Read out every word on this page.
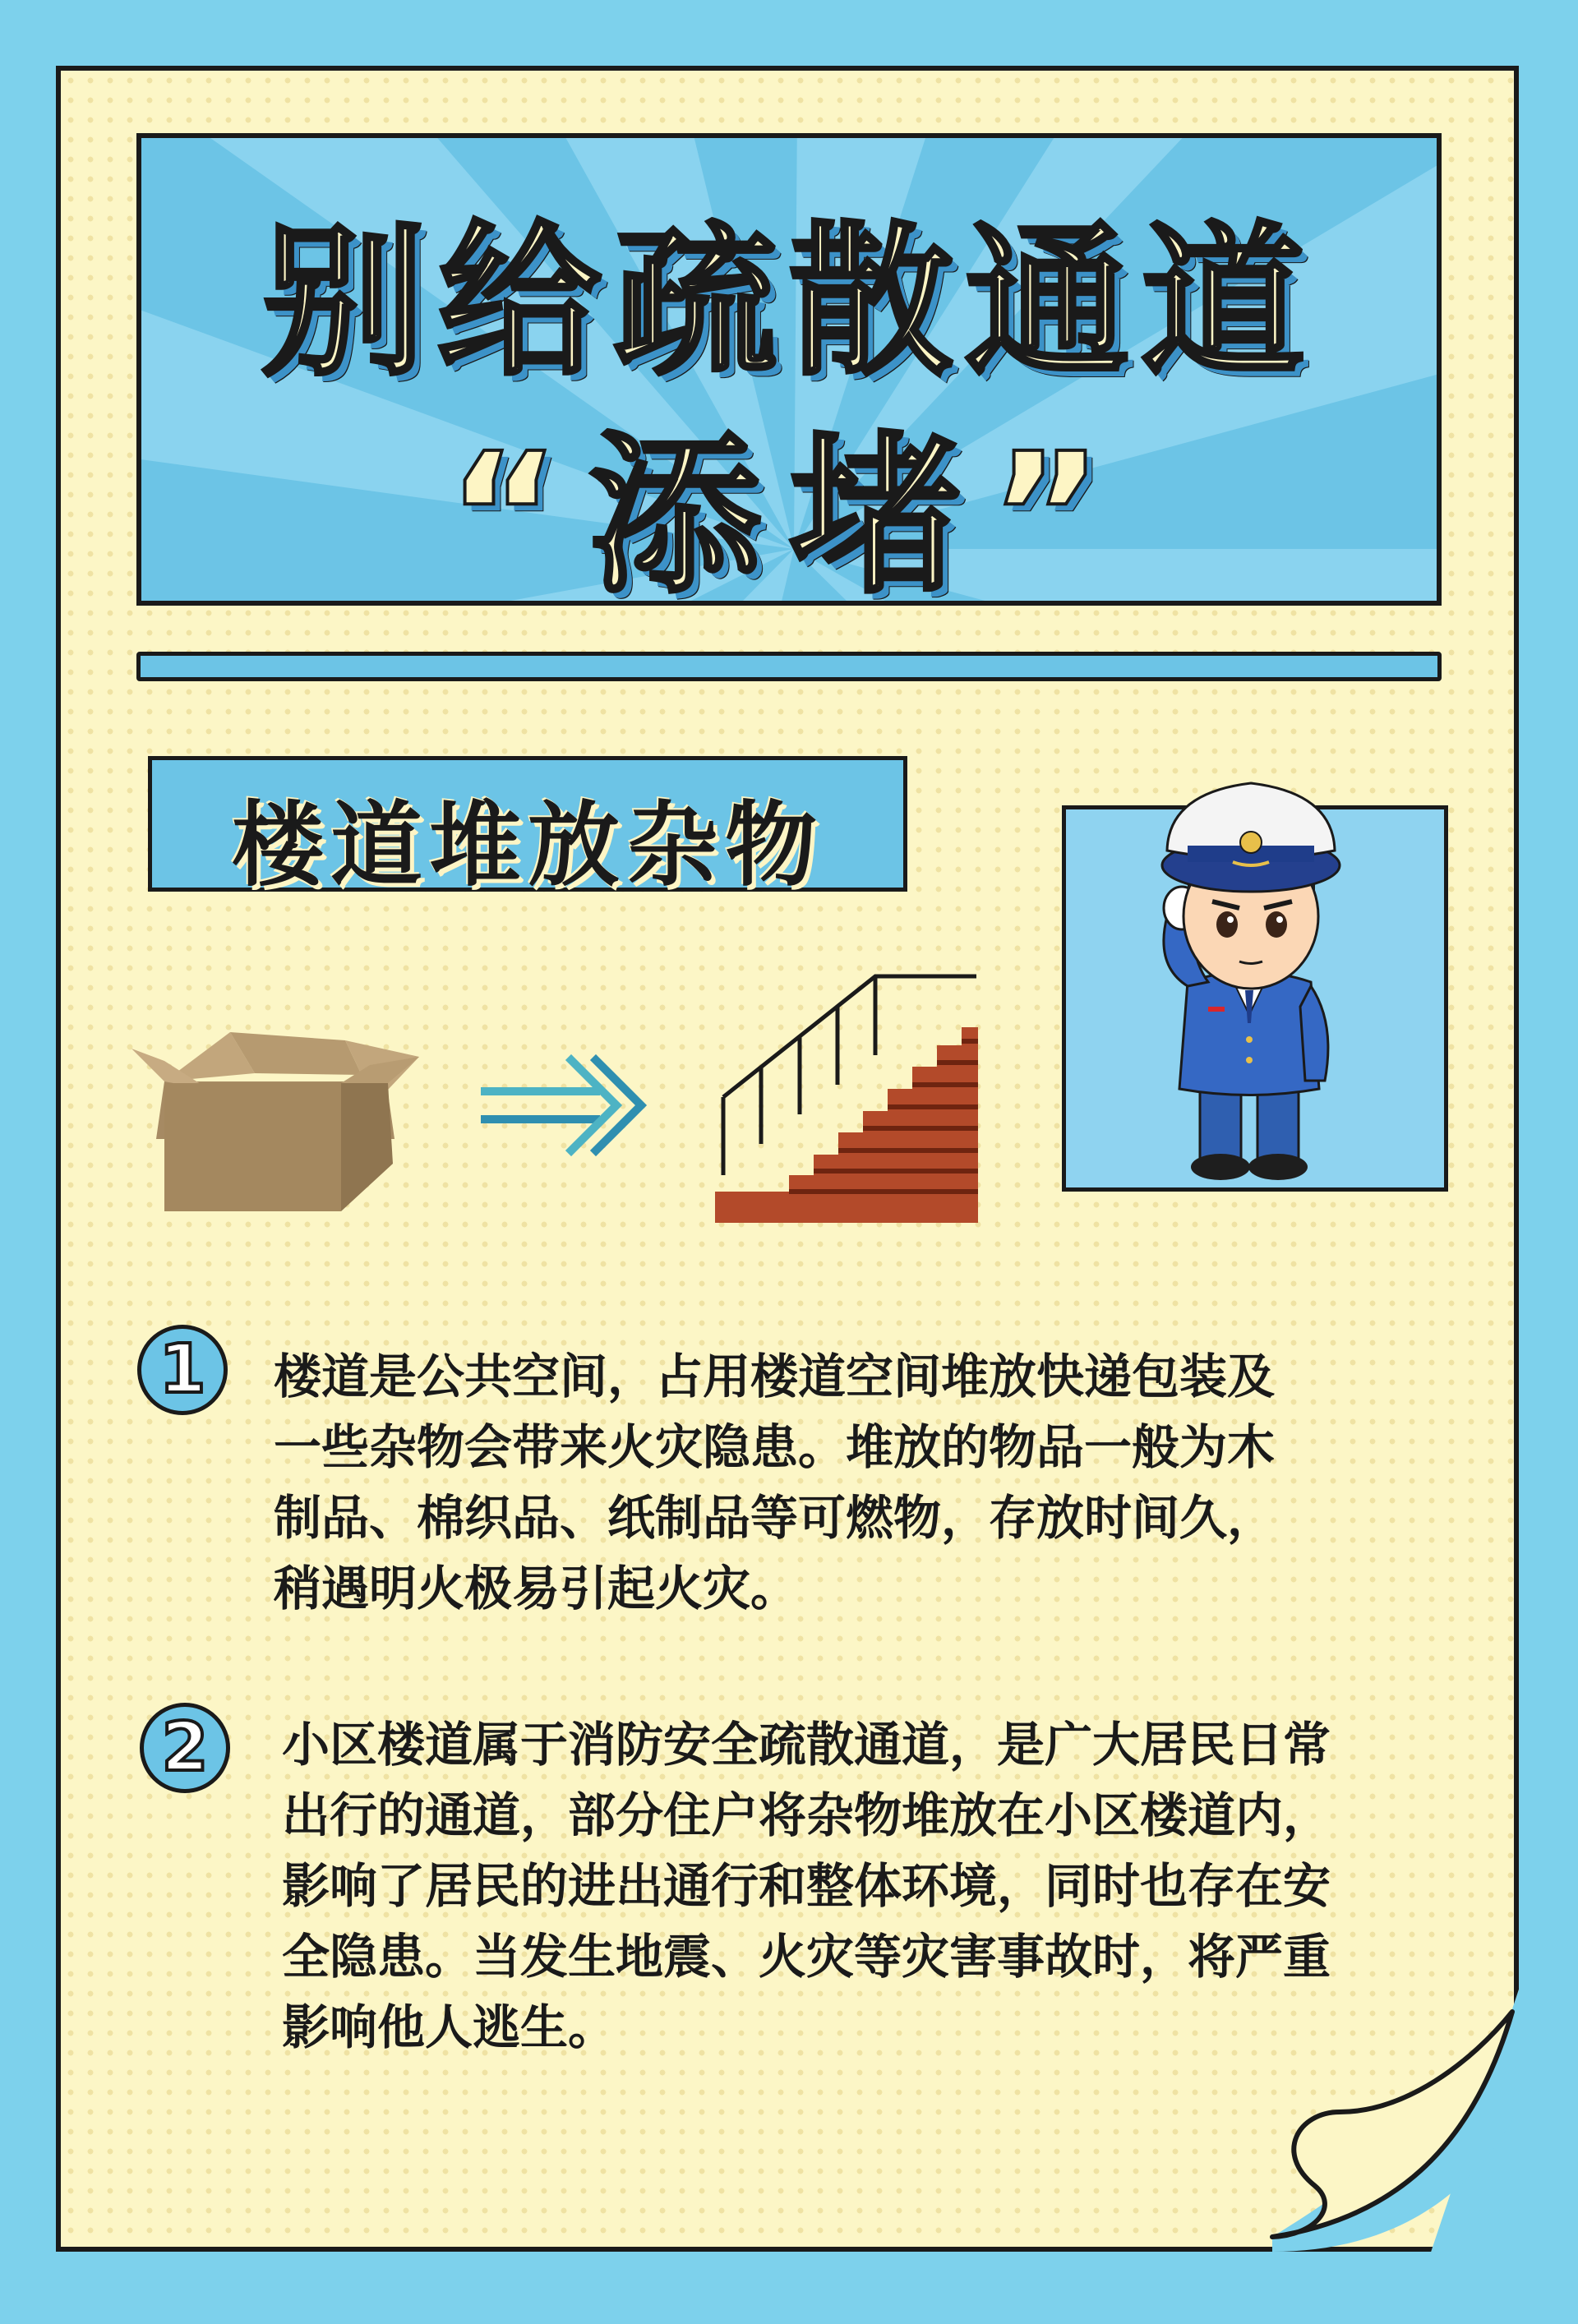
别给疏散通道
“添堵”
楼道堆放杂物
1	楼道是公共空间，占用楼道空间堆放快递包装及
一些杂物会带来火灾隐患。堆放的物品一般为木
制品、棉织品、纸制品等可燃物，存放时间久，
稍遇明火极易引起火灾。
2	小区楼道属于消防安全疏散通道，是广大居民日常
出行的通道，部分住户将杂物堆放在小区楼道内，
影响了居民的进出通行和整体环境，同时也存在安
全隐患。当发生地震、火灾等灾害事故时，将严重
影响他人逃生。
